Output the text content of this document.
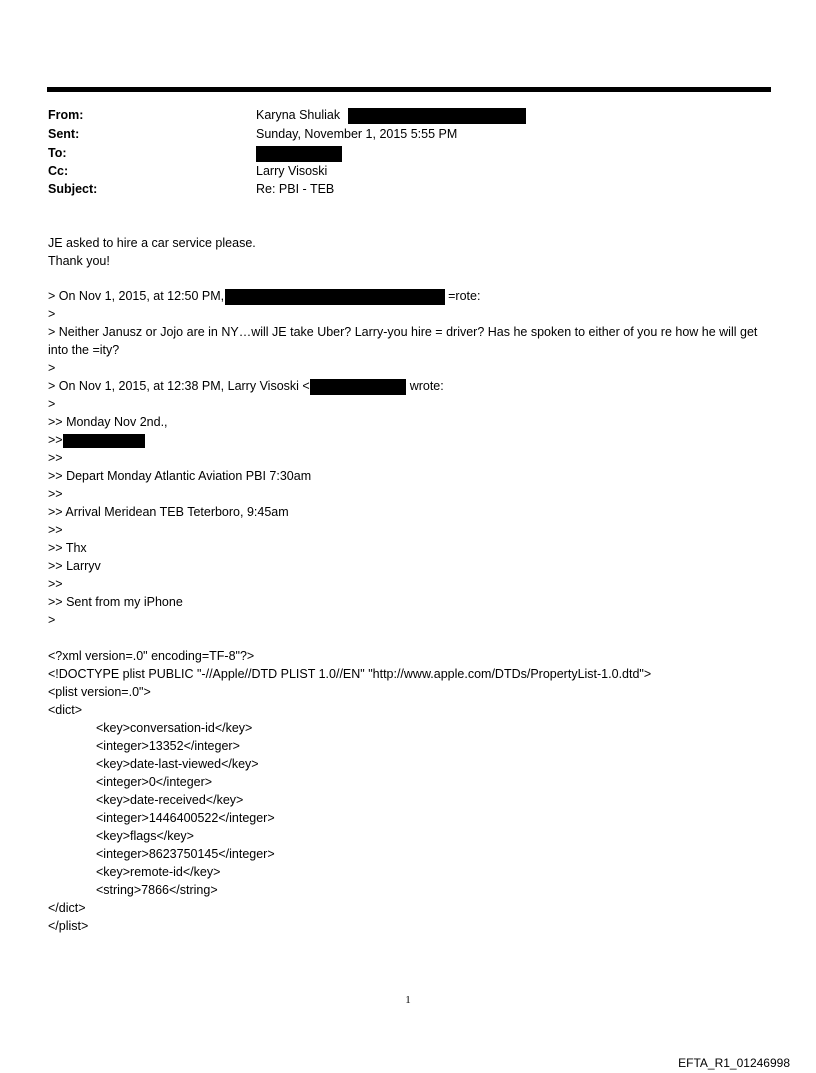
From:	Karyna Shuliak
Sent:	Sunday, November 1, 2015 5:55 PM
To:
Cc:	Larry Visoski
Subject:	Re: PBI - TEB
JE asked to hire a car service please.
Thank you!
> On Nov 1, 2015, at 12:50 PM,	=rote:
>
> Neither Janusz or Jojo are in NY…will JE take Uber? Larry-you hire = driver? Has he spoken to either of you re how he will get into the =ity?
>
> On Nov 1, 2015, at 12:38 PM, Larry Visoski <	wrote:
>
>> Monday Nov 2nd.,
>>
>>
>> Depart Monday Atlantic Aviation PBI 7:30am
>>
>> Arrival Meridean TEB Teterboro, 9:45am
>>
>> Thx
>> Larryv
>>
>> Sent from my iPhone
>
<?xml version=.0" encoding=TF-8"?>
<!DOCTYPE plist PUBLIC "-//Apple//DTD PLIST 1.0//EN" "http://www.apple.com/DTDs/PropertyList-1.0.dtd">
<plist version=.0">
<dict>
<key>conversation-id</key>
<integer>13352</integer>
<key>date-last-viewed</key>
<integer>0</integer>
<key>date-received</key>
<integer>1446400522</integer>
<key>flags</key>
<integer>8623750145</integer>
<key>remote-id</key>
<string>7866</string>
</dict>
</plist>
1
EFTA_R1_01246998
